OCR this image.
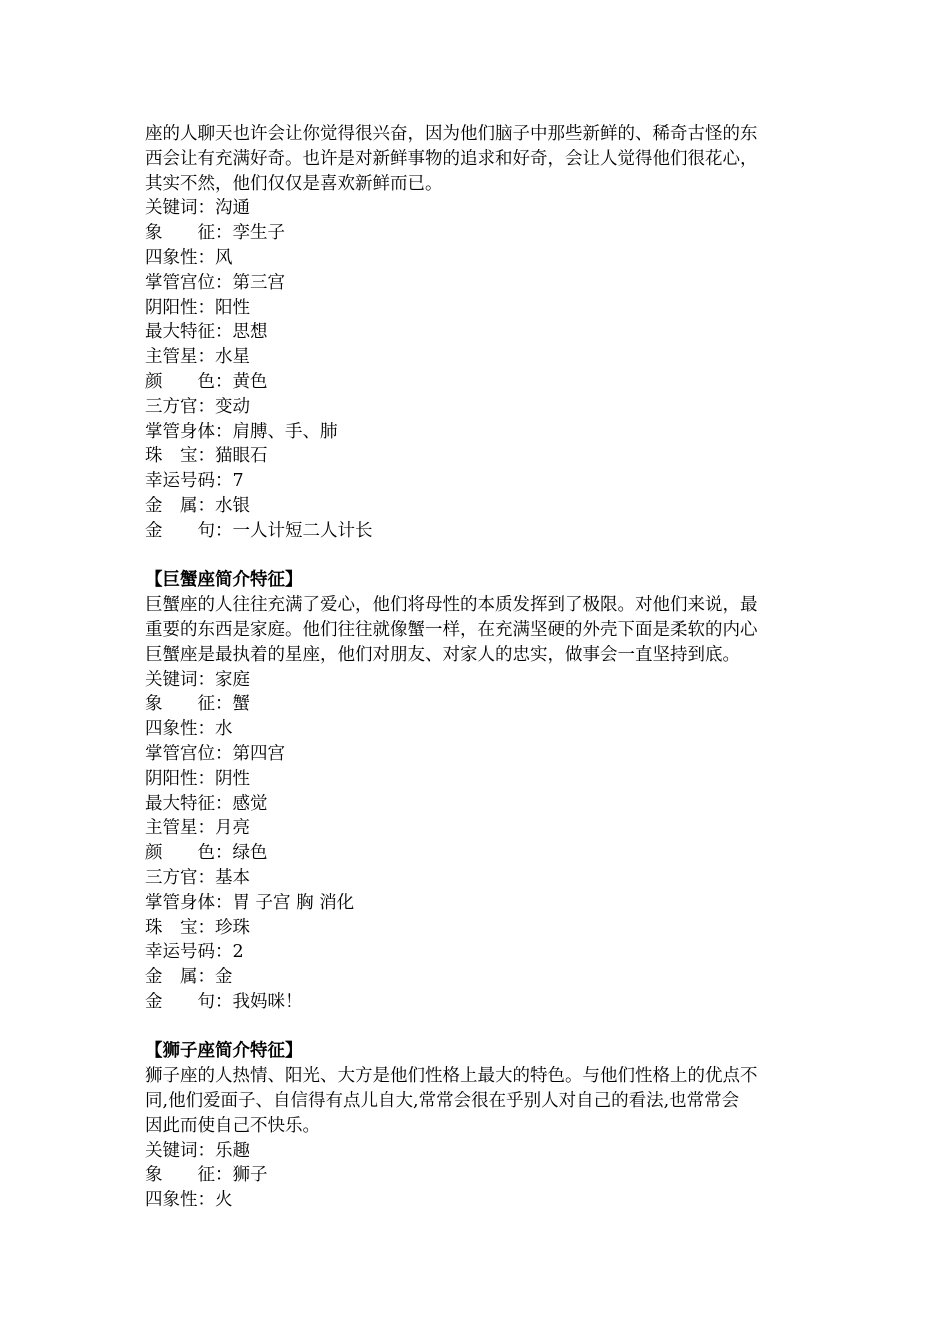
座的人聊天也许会让你觉得很兴奋，因为他们脑子中那些新鲜的、稀奇古怪的东
西会让有充满好奇。也许是对新鲜事物的追求和好奇，会让人觉得他们很花心，
其实不然，他们仅仅是喜欢新鲜而已。
关键词：沟通
象　　征：孪生子
四象性：风
掌管宫位：第三宫
阴阳性：阳性
最大特征：思想
主管星：水星
颜　　色：黄色
三方官：变动
掌管身体：肩膊、手、肺
珠　宝：猫眼石
幸运号码：7
金　属：水银
金　　句：一人计短二人计长
【巨蟹座简介特征】
巨蟹座的人往往充满了爱心，他们将母性的本质发挥到了极限。对他们来说，最
重要的东西是家庭。他们往往就像蟹一样，在充满坚硬的外壳下面是柔软的内心
巨蟹座是最执着的星座，他们对朋友、对家人的忠实，做事会一直坚持到底。
关键词：家庭
象　　征：蟹
四象性：水
掌管宫位：第四宫
阴阳性：阴性
最大特征：感觉
主管星：月亮
颜　　色：绿色
三方官：基本
掌管身体：胃 子宫 胸 消化
珠　宝：珍珠
幸运号码：2
金　属：金
金　　句：我妈咪！
【狮子座简介特征】
狮子座的人热情、阳光、大方是他们性格上最大的特色。与他们性格上的优点不
同,他们爱面子、自信得有点儿自大,常常会很在乎别人对自己的看法,也常常会
因此而使自己不快乐。
关键词：乐趣
象　　征：狮子
四象性：火
